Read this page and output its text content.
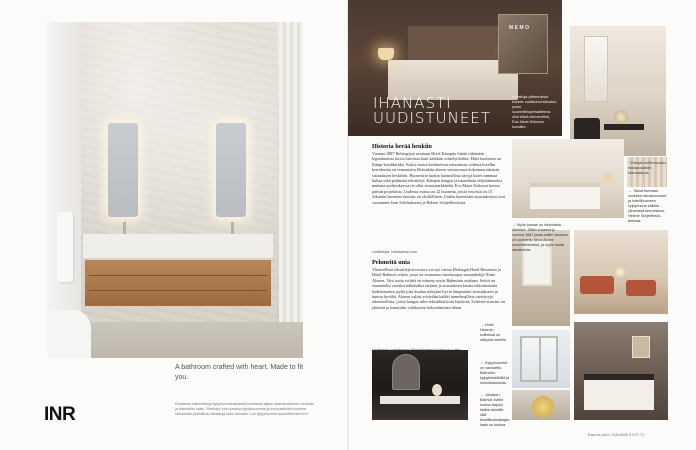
A bathroom crafted with heart. Made to fit you.
INR	Ruotsissa valmistettuja kylpyhuonekalusteita kohtaavat ajaton skandinaavinen muotoilu ja tinkimätön laatu. Yhteistyö Inrin kanssa kylpyhuoneista ja innovaatioihin luomme sielukkaita yksilöllisiä ratkaisuja koko tarinaan. Lue kylpyhuonesi suunnitelmasi inr.fi
MEMO
IHANASTI
UUDISTUNEET
Kuvattuja yläkerroksia koskee uudistunut sisustus, jonka suunnitteluperiaatteena ollut elävä elementtinä, Eva-Marie Eriksson kuvailee.
Historia herää henkiin
Vuonna 1887 Helsingissä avattuun Hotel Kämpiin liittää vähintään legendaarisia kuvia historiaa kuin kaikkiin esittelytiloihin. Ehkä kuuluisin on Kämp-katolikirkko. Kaksi vuotta kestäneessä remontissa viidestä hotellin kerroksesta on remontoitu Helsinkiin alueen vierasosasta kokonaan takaisin sisustuksen keskiöön. Huoneisiin tuotiin luonnollisia sävyjä kuten tummaa kultaa sekä pehmeitä tekstiilejä. Kämpin hengen ja tunnelman säilyttämiseksi mukana uudistuksessa on ollut sisustusarkkitehti Eva-Marie Eriksson kertoo päivän projektista. Uudessa osassa on 22 huonetta, joista erityistä on 15. Jokaisen huoneen sisustus on yksilöllinen. Uuden huoneiden sisustuksessa ovat vastanneet Jean Sibeliuksesta ja Helene Schjerfbeckistä.
Lisätietoja: hotelkamp.com
Pehmeitä unia
Yhteisöllistä tekstiilejä arvostava voi nyt varata Helsingin Hotel Havennin ja Hotel Balmuir sviitin, jossa on sisustamo sisustusopas suunnittelija Niina Alonen. Viisi uutta sviittiä on nimetty myös Balmuirin mukaan. Sviitti on suunniteltu varoiksi nähtäväksi tarkasti ja sisustuksen kautta erikoistunutta kodinomaista tyyliä joka kuuluu nykyään hyvin lämpimästi sisustukseen ja tuntuu hyvältä. Alonen valitsi sviiteihin kaikki tunnelmallisia värisävyjä rakenteellisia, joissa kangas tulee tekstiilinä kuin käytössä. Sviittien sisustus on yhteistä ja kauniiden valokuvien kehystäminen tilaan.
↑Kämpin sviitin kuuluu mukavuuksien kokonaisuus.
←Tässä teemaan sovitetut vierashuoneet ja hotellihuoneen kylpyhuone kaikilla ylimmissä kerroksissa, Helene Schjerfbeck-teemaa.
→Myös kamari on historiasta lähtöisin. Sillan kuvassa jo vuonna 1887 jossa sviitin sisustus oli uudistettu Niina Alosen suunnittelemana, ja myös muita sisustuksia.
→Hotel Havenin sviiteissä on näkymä merelle.
←Kylpyhuoneet on varustettu Balmuirin kylpytekstiileillä ja huonekalustolla.
→Jokaisen Balmuir-sviitin kuuluu tarjoilu lisäksi tekstiilit, sillä tekstiilivalmistajan laatu on korkea.
Kaunis koti / KAUNIS KOTI 71
